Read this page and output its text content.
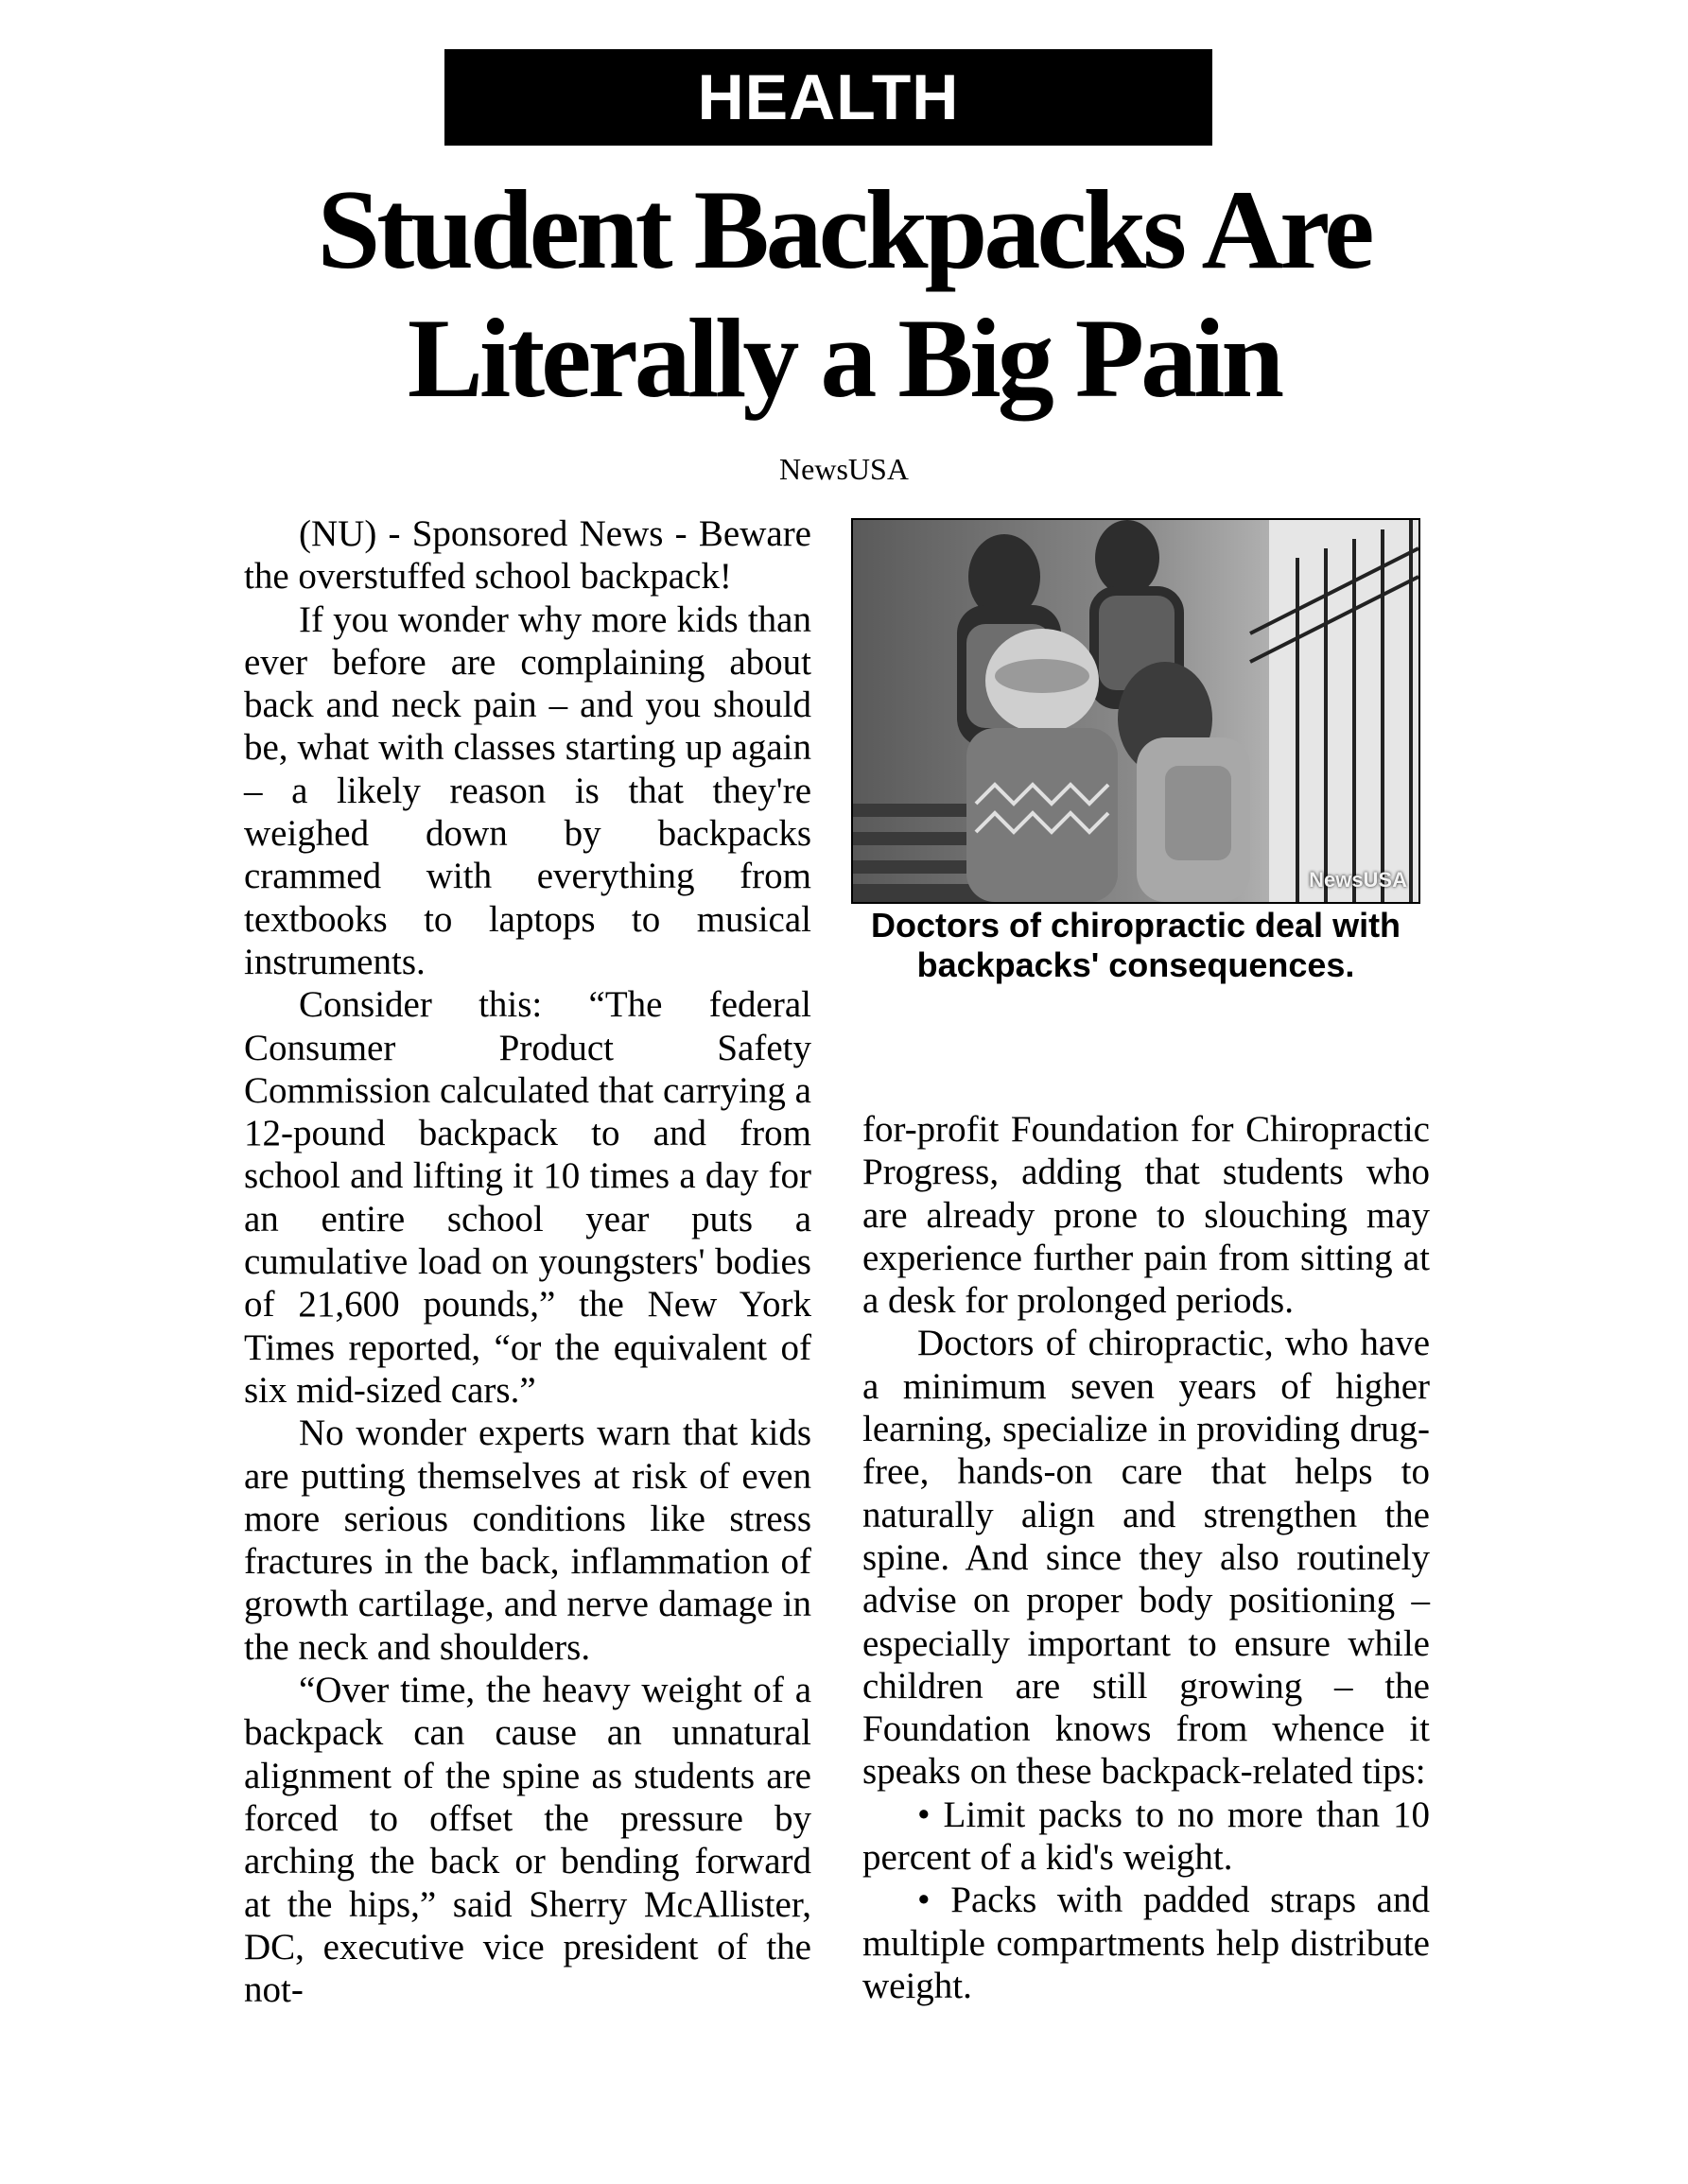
HEALTH
Student Backpacks Are Literally a Big Pain
NewsUSA

(NU) - Sponsored News - Beware the overstuffed school backpack!

If you wonder why more kids than ever before are complaining about back and neck pain – and you should be, what with classes starting up again – a likely reason is that they're weighed down by backpacks crammed with everything from textbooks to laptops to musical instruments.

Consider this: “The federal Consumer Product Safety Commission calculated that carrying a 12-pound backpack to and from school and lifting it 10 times a day for an entire school year puts a cumulative load on youngsters' bodies of 21,600 pounds,” the New York Times reported, “or the equivalent of six mid-sized cars.”

No wonder experts warn that kids are putting themselves at risk of even more serious conditions like stress fractures in the back, inflammation of growth cartilage, and nerve damage in the neck and shoulders.

“Over time, the heavy weight of a backpack can cause an unnatural alignment of the spine as students are forced to offset the pressure by arching the back or bending forward at the hips,” said Sherry McAllister, DC, executive vice president of the not-

NewsUSA
Doctors of chiropractic deal with backpacks' consequences.

for-profit Foundation for Chiropractic Progress, adding that students who are already prone to slouching may experience further pain from sitting at a desk for prolonged periods.

Doctors of chiropractic, who have a minimum seven years of higher learning, specialize in providing drug-free, hands-on care that helps to naturally align and strengthen the spine. And since they also routinely advise on proper body positioning – especially important to ensure while children are still growing – the Foundation knows from whence it speaks on these backpack-related tips:

• Limit packs to no more than 10 percent of a kid's weight.

• Packs with padded straps and multiple compartments help distribute weight.
